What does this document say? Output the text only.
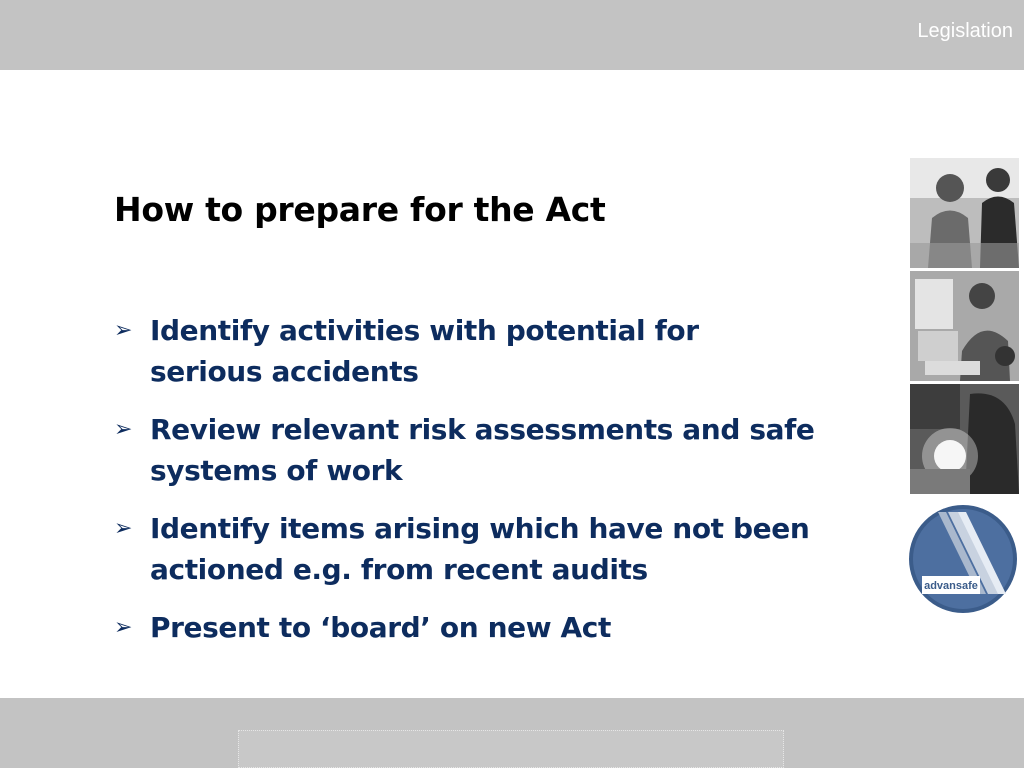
Legislation
How to prepare for the Act
➢ Identify activities with potential for
serious accidents
➢ Review relevant risk assessments and safe
systems of work
➢ Identify items arising which have not been
actioned e.g. from recent audits
➢ Present to ‘board’ on new Act
advansafe
